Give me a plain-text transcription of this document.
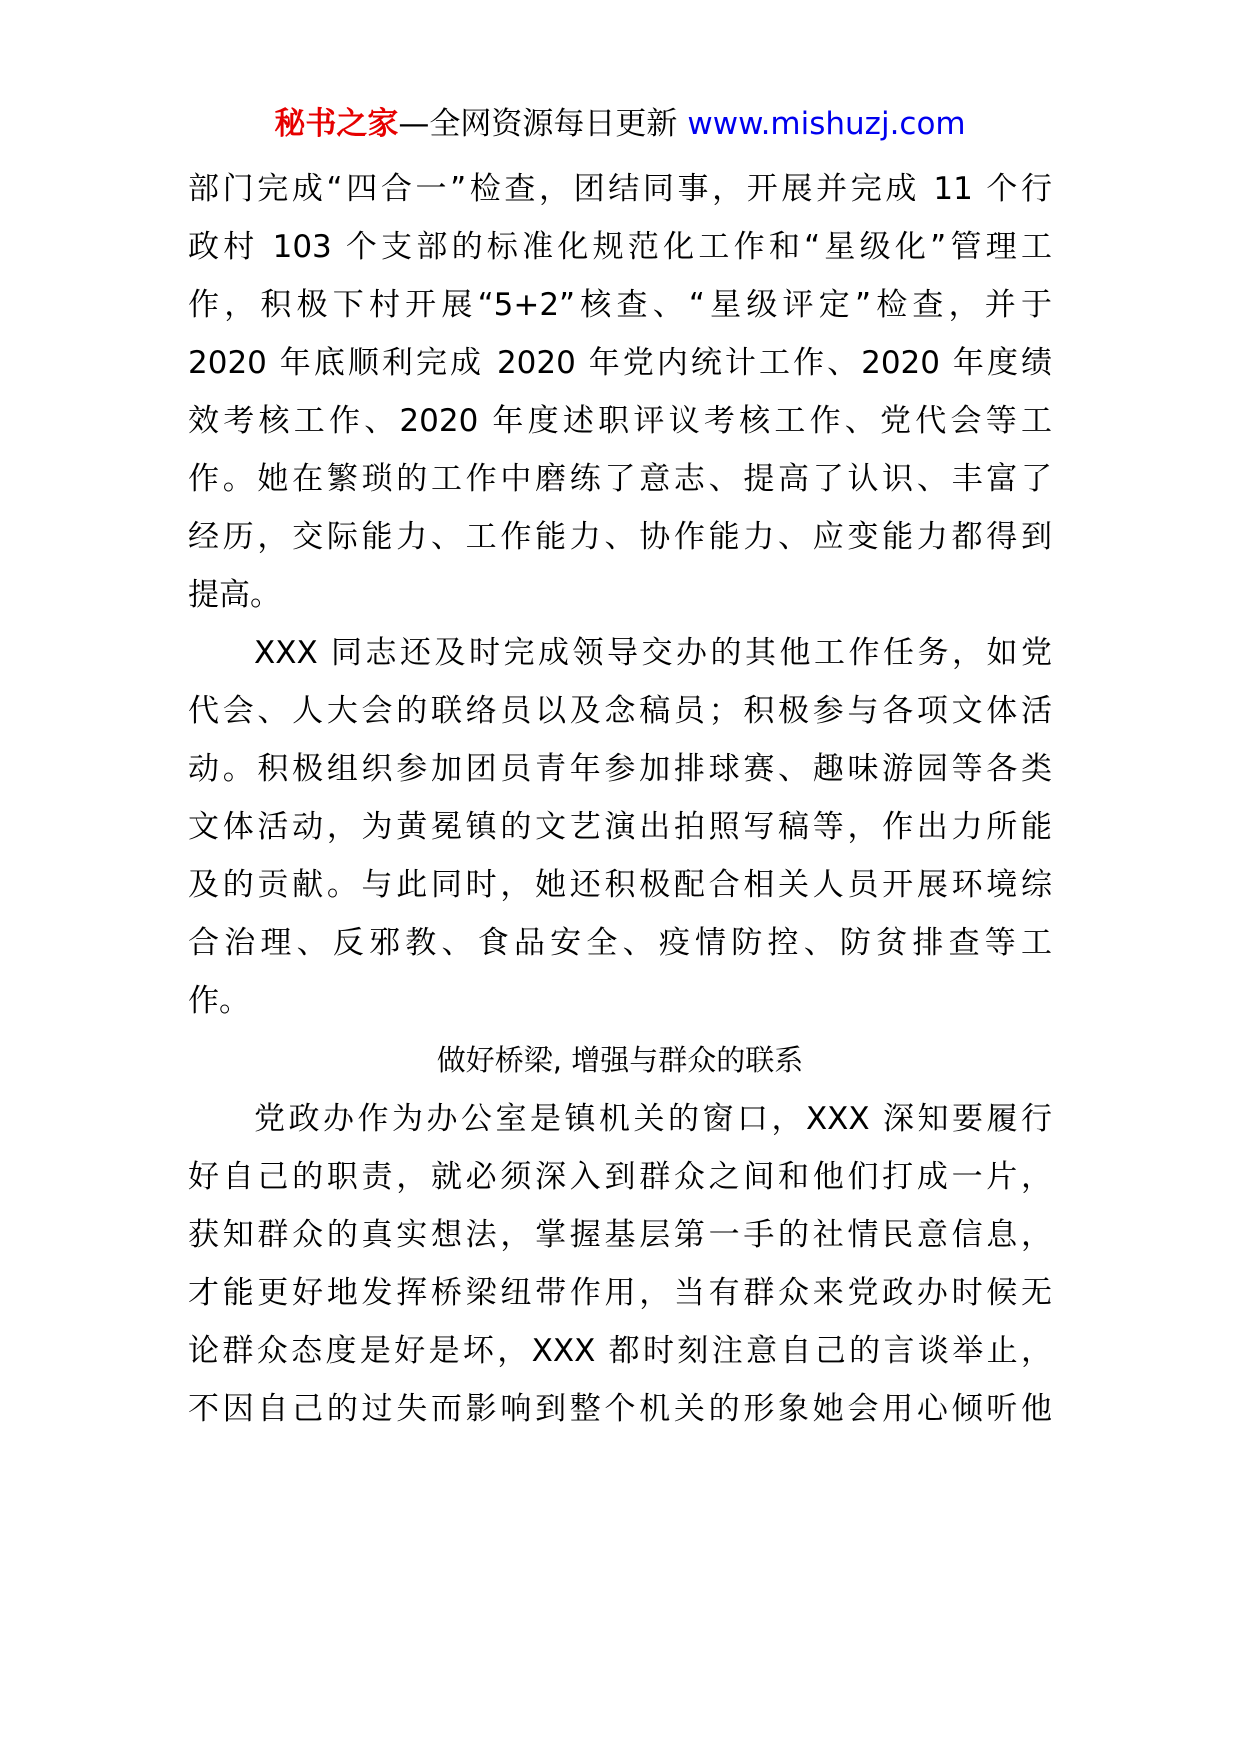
秘书之家—全网资源每日更新 www.mishuzj.com
部门完成“四合一”检查，团结同事，开展并完成 11 个行
政村 103 个支部的标准化规范化工作和“星级化”管理工
作，积极下村开展“5+2”核查、“星级评定”检查，并于
2020 年底顺利完成 2020 年党内统计工作、2020 年度绩
效考核工作、2020 年度述职评议考核工作、党代会等工
作。她在繁琐的工作中磨练了意志、提高了认识、丰富了
经历，交际能力、工作能力、协作能力、应变能力都得到
提高。
XXX 同志还及时完成领导交办的其他工作任务，如党
代会、人大会的联络员以及念稿员；积极参与各项文体活
动。积极组织参加团员青年参加排球赛、趣味游园等各类
文体活动，为黄冕镇的文艺演出拍照写稿等，作出力所能
及的贡献。与此同时，她还积极配合相关人员开展环境综
合治理、反邪教、食品安全、疫情防控、防贫排查等工
作。
做好桥梁, 增强与群众的联系
党政办作为办公室是镇机关的窗口，XXX 深知要履行
好自己的职责，就必须深入到群众之间和他们打成一片，
获知群众的真实想法，掌握基层第一手的社情民意信息，
才能更好地发挥桥梁纽带作用，当有群众来党政办时候无
论群众态度是好是坏，XXX 都时刻注意自己的言谈举止，
不因自己的过失而影响到整个机关的形象她会用心倾听他
